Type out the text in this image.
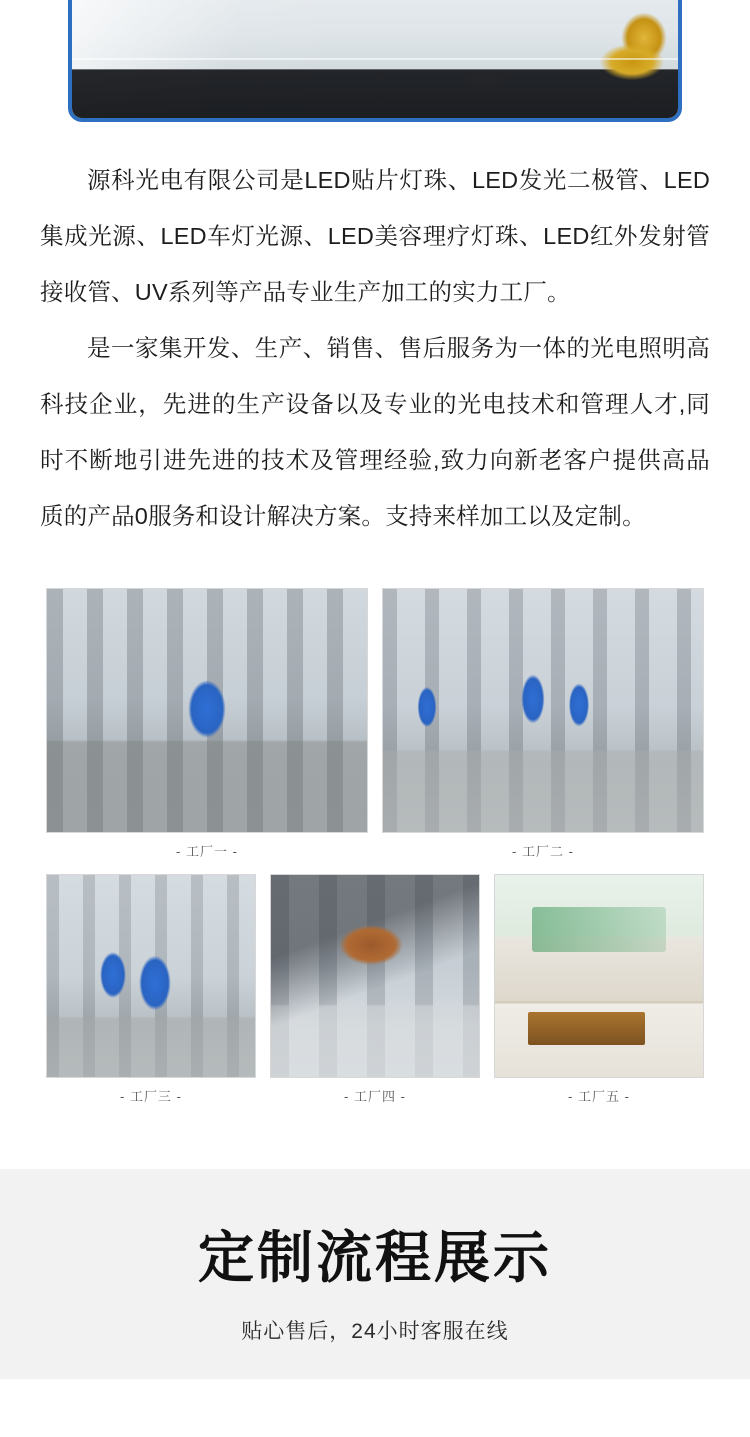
源科光电有限公司是LED贴片灯珠、LED发光二极管、LED集成光源、LED车灯光源、LED美容理疗灯珠、LED红外发射管接收管、UV系列等产品专业生产加工的实力工厂。

是一家集开发、生产、销售、售后服务为一体的光电照明高科技企业，先进的生产设备以及专业的光电技术和管理人才,同时不断地引进先进的技术及管理经验,致力向新老客户提供高品质的产品0服务和设计解决方案。支持来样加工以及定制。

- 工厂一 -	- 工厂二 -
- 工厂三 -	- 工厂四 -	- 工厂五 -
定制流程展示
贴心售后，24小时客服在线
